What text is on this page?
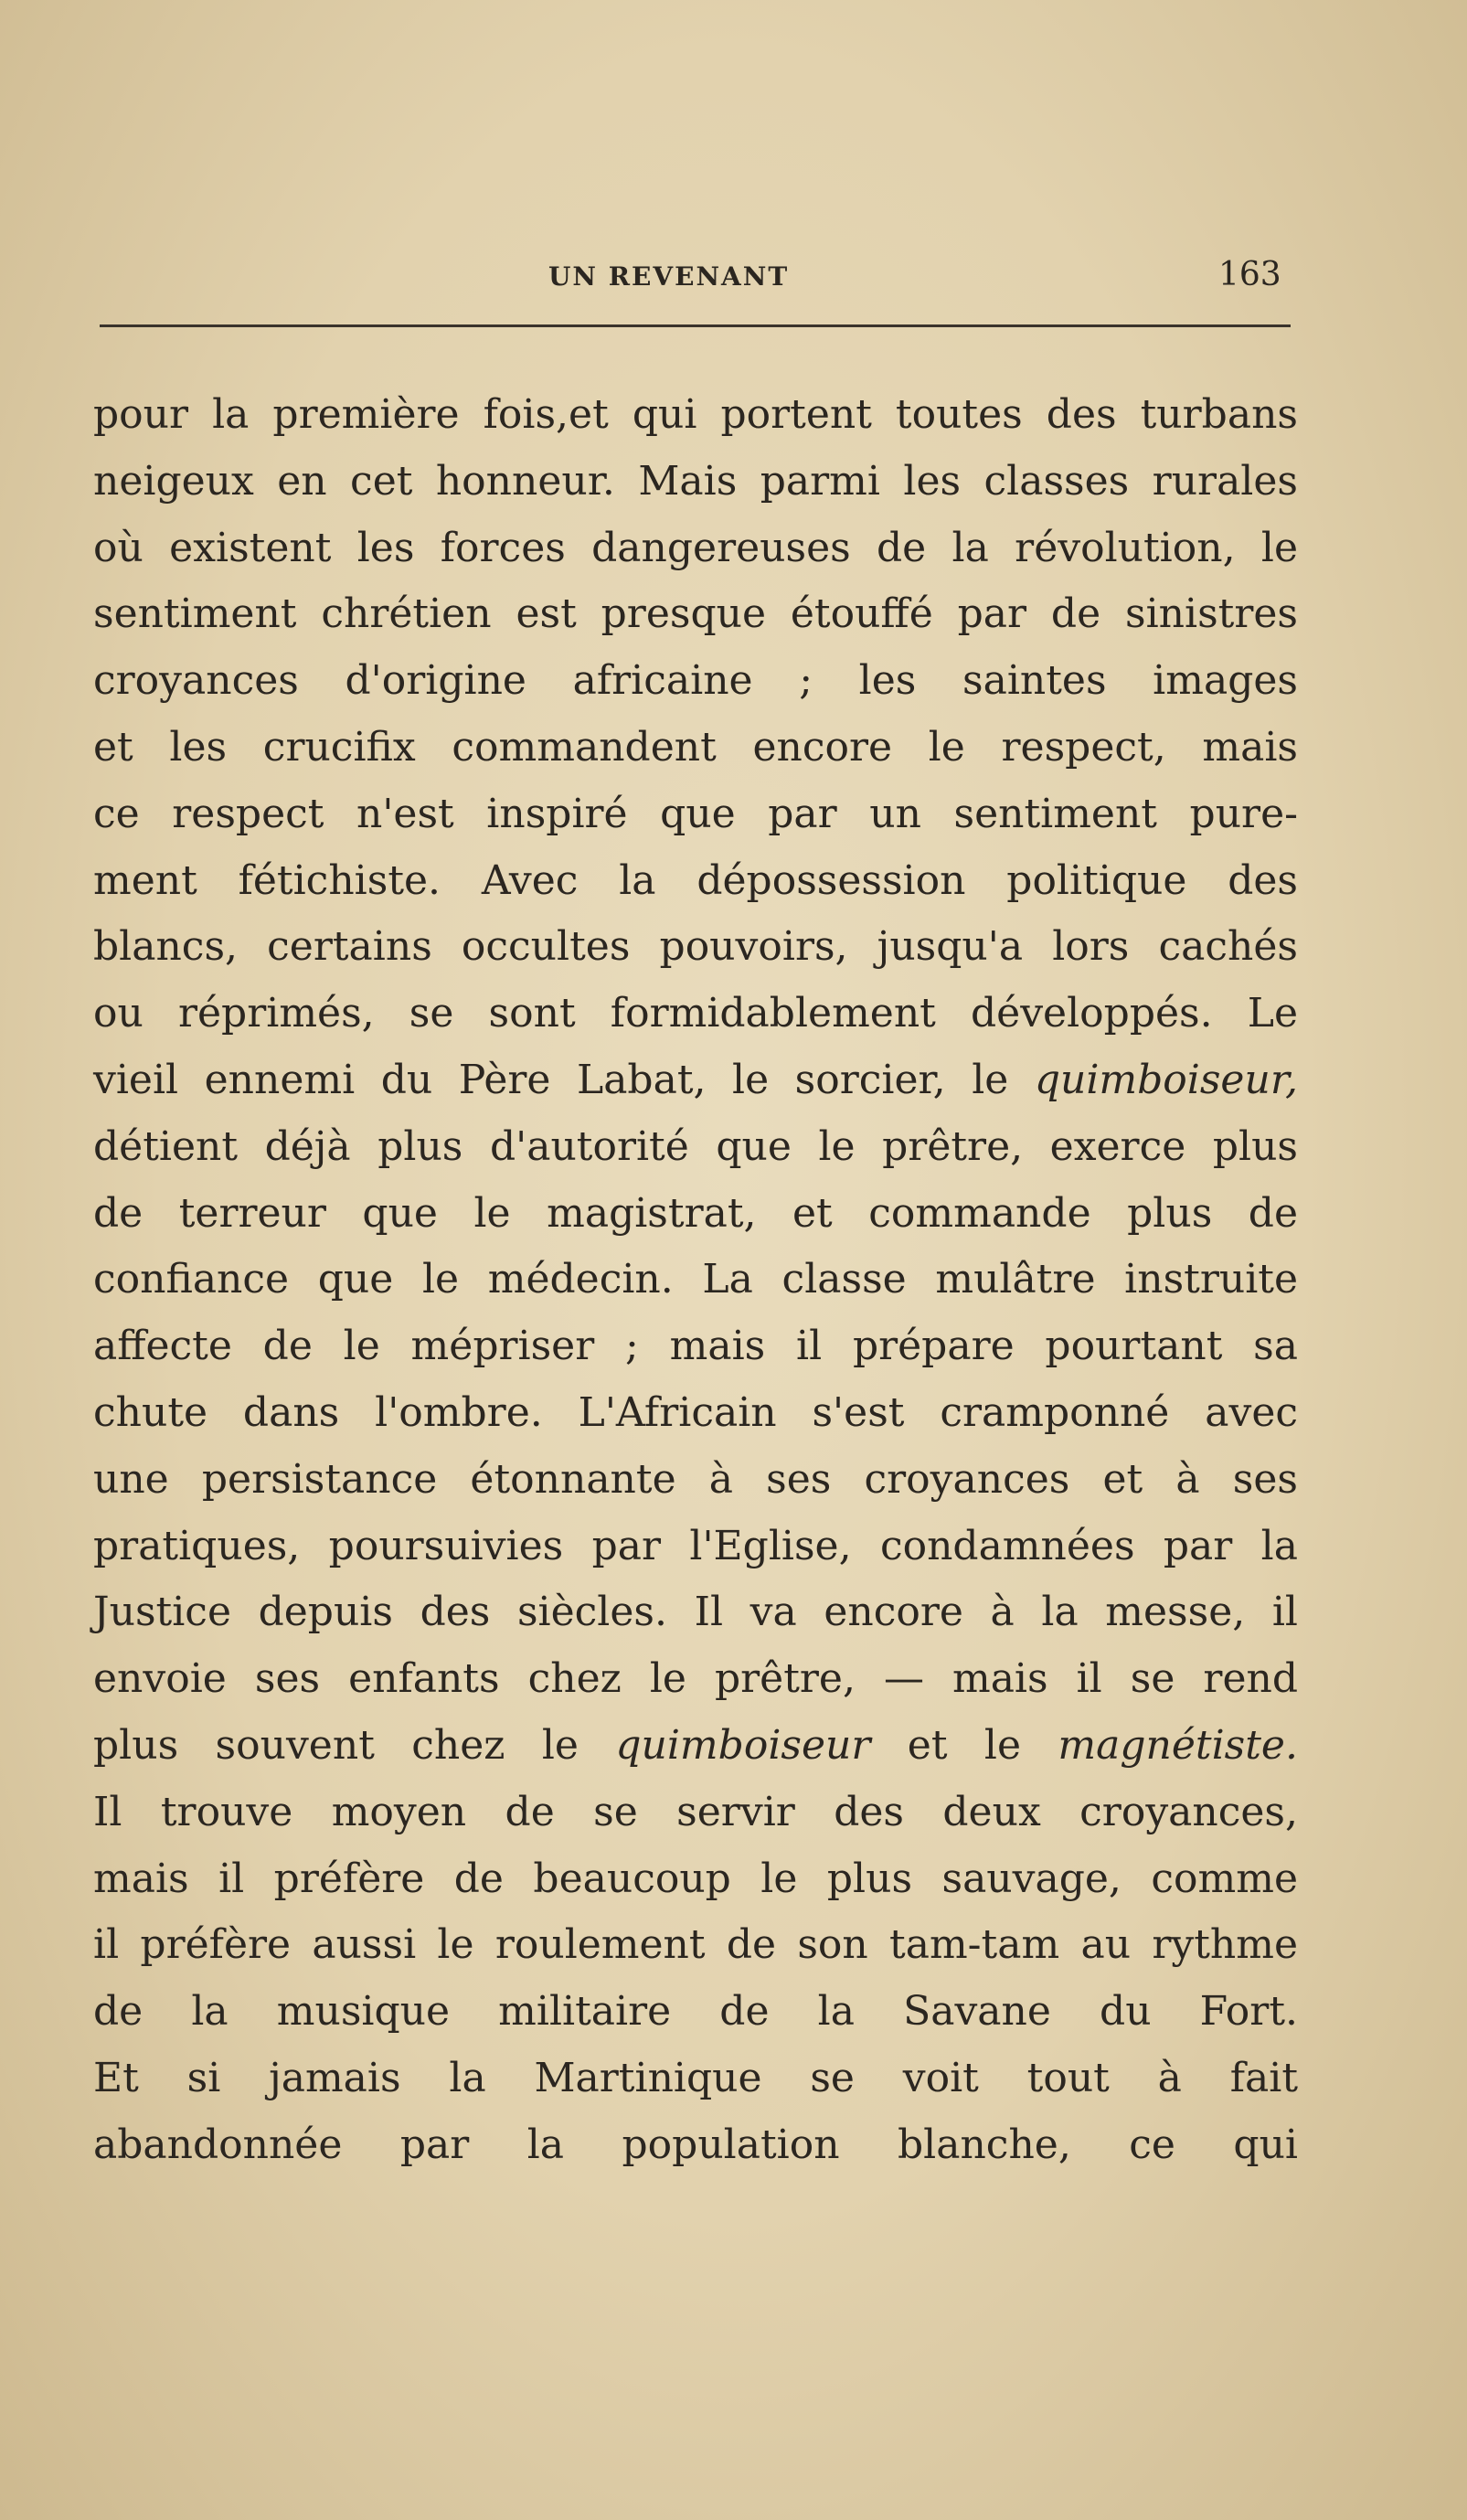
UN REVENANT	163
pour la première fois,et qui portent toutes des turbans
neigeux en cet honneur. Mais parmi les classes rurales
où existent les forces dangereuses de la révolution, le
sentiment chrétien est presque étouffé par de sinistres
croyances d'origine africaine ; les saintes images
et les crucifix commandent encore le respect, mais
ce respect n'est inspiré que par un sentiment pure-
ment fétichiste. Avec la dépossession politique des
blancs, certains occultes pouvoirs, jusqu'a lors cachés
ou réprimés, se sont formidablement développés. Le
vieil ennemi du Père Labat, le sorcier, le quimboiseur,
détient déjà plus d'autorité que le prêtre, exerce plus
de terreur que le magistrat, et commande plus de
confiance que le médecin. La classe mulâtre instruite
affecte de le mépriser ; mais il prépare pourtant sa
chute dans l'ombre. L'Africain s'est cramponné avec
une persistance étonnante à ses croyances et à ses
pratiques, poursuivies par l'Eglise, condamnées par la
Justice depuis des siècles. Il va encore à la messe, il
envoie ses enfants chez le prêtre, — mais il se rend
plus souvent chez le quimboiseur et le magnétiste.
Il trouve moyen de se servir des deux croyances,
mais il préfère de beaucoup le plus sauvage, comme
il préfère aussi le roulement de son tam-tam au rythme
de la musique militaire de la Savane du Fort.
Et si jamais la Martinique se voit tout à fait
abandonnée par la population blanche, ce qui
